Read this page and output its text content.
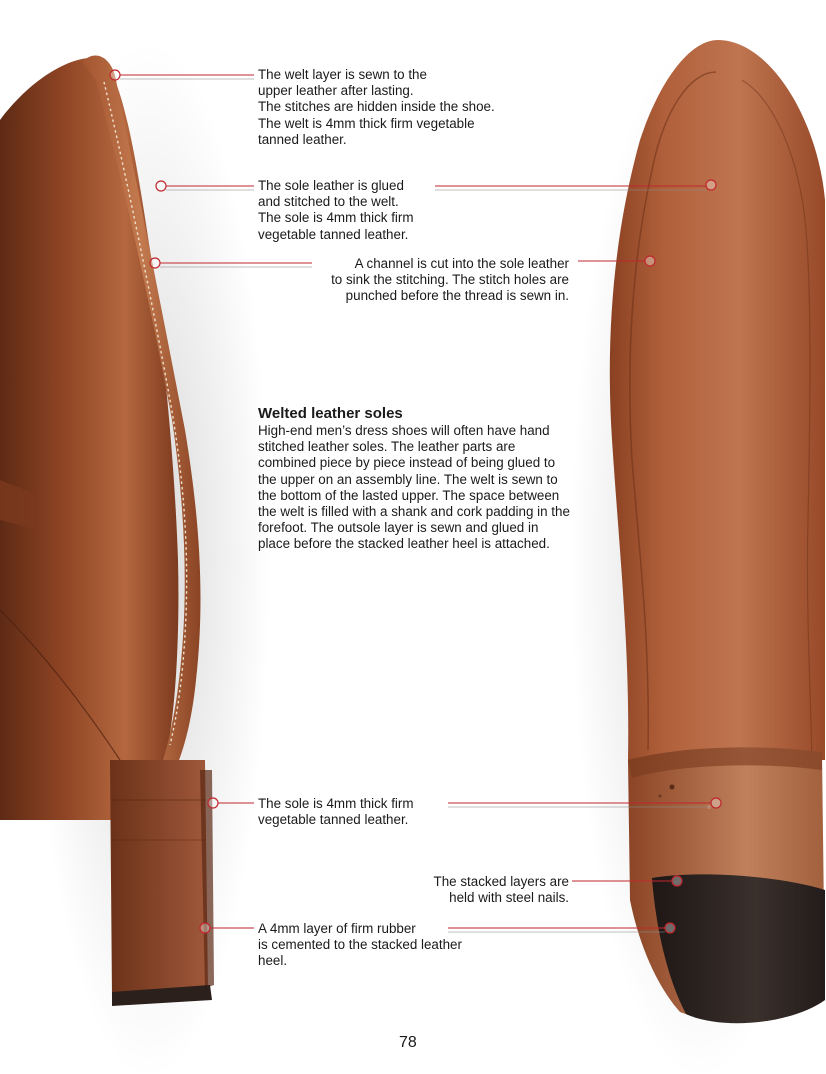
The welt layer is sewn to the
upper leather after lasting.
The stitches are hidden inside the shoe.
The welt is 4mm thick firm vegetable
tanned leather.

The sole leather is glued
and stitched to the welt.
The sole is 4mm thick firm
vegetable tanned leather.

A channel is cut into the sole leather
to sink the stitching. The stitch holes are
punched before the thread is sewn in.

Welted leather soles

High-end men’s dress shoes will often have hand stitched leather soles. The leather parts are combined piece by piece instead of being glued to the upper on an assembly line. The welt is sewn to the bottom of the lasted upper. The space between the welt is filled with a shank and cork padding in the forefoot. The outsole layer is sewn and glued in place before the stacked leather heel is attached.

The sole is 4mm thick firm
vegetable tanned leather.

The stacked layers are
held with steel nails.

A 4mm layer of firm rubber
is cemented to the stacked leather
heel.

78
